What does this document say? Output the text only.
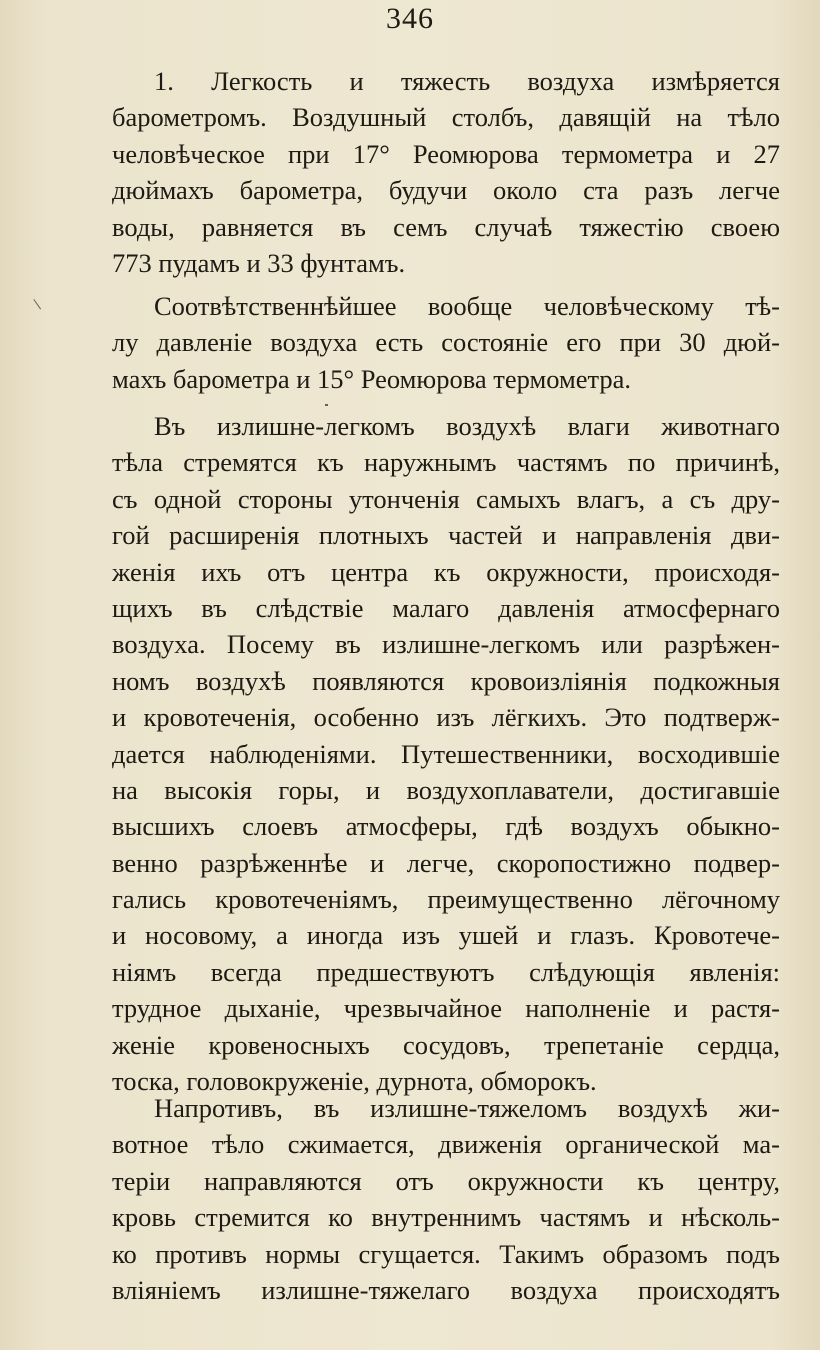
346
1. Легкость и тяжесть воздуха измѣряется
барометромъ. Воздушный столбъ, давящій на тѣло
человѣческое при 17° Реомюрова термометра и 27
дюймахъ барометра, будучи около ста разъ легче
воды, равняется въ семъ случаѣ тяжестію своею
773 пудамъ и 33 фунтамъ.
Соотвѣтственнѣйшее вообще человѣческому тѣ-
лу давленіе воздуха есть состояніе его при 30 дюй-
махъ барометра и 15° Реомюрова термометра.
Въ излишне-легкомъ воздухѣ влаги животнаго
тѣла стремятся къ наружнымъ частямъ по причинѣ,
съ одной стороны утонченія самыхъ влагъ, а съ дру-
гой расширенія плотныхъ частей и направленія дви-
женія ихъ отъ центра къ окружности, происходя-
щихъ въ слѣдствіе малаго давленія атмосфернаго
воздуха. Посему въ излишне-легкомъ или разрѣжен-
номъ воздухѣ появляются кровоизліянія подкожныя
и кровотеченія, особенно изъ лёгкихъ. Это подтверж-
дается наблюденіями. Путешественники, восходившіе
на высокія горы, и воздухоплаватели, достигавшіе
высшихъ слоевъ атмосферы, гдѣ воздухъ обыкно-
венно разрѣженнѣе и легче, скоропостижно подвер-
гались кровотеченіямъ, преимущественно лёгочному
и носовому, а иногда изъ ушей и глазъ. Кровотече-
ніямъ всегда предшествуютъ слѣдующія явленія:
трудное дыханіе, чрезвычайное наполненіе и растя-
женіе кровеносныхъ сосудовъ, трепетаніе сердца,
тоска, головокруженіе, дурнота, обморокъ.
Напротивъ, въ излишне-тяжеломъ воздухѣ жи-
вотное тѣло сжимается, движенія органической ма-
теріи направляются отъ окружности къ центру,
кровь стремится ко внутреннимъ частямъ и нѣсколь-
ко противъ нормы сгущается. Такимъ образомъ подъ
вліяніемъ излишне-тяжелаго воздуха происходятъ
